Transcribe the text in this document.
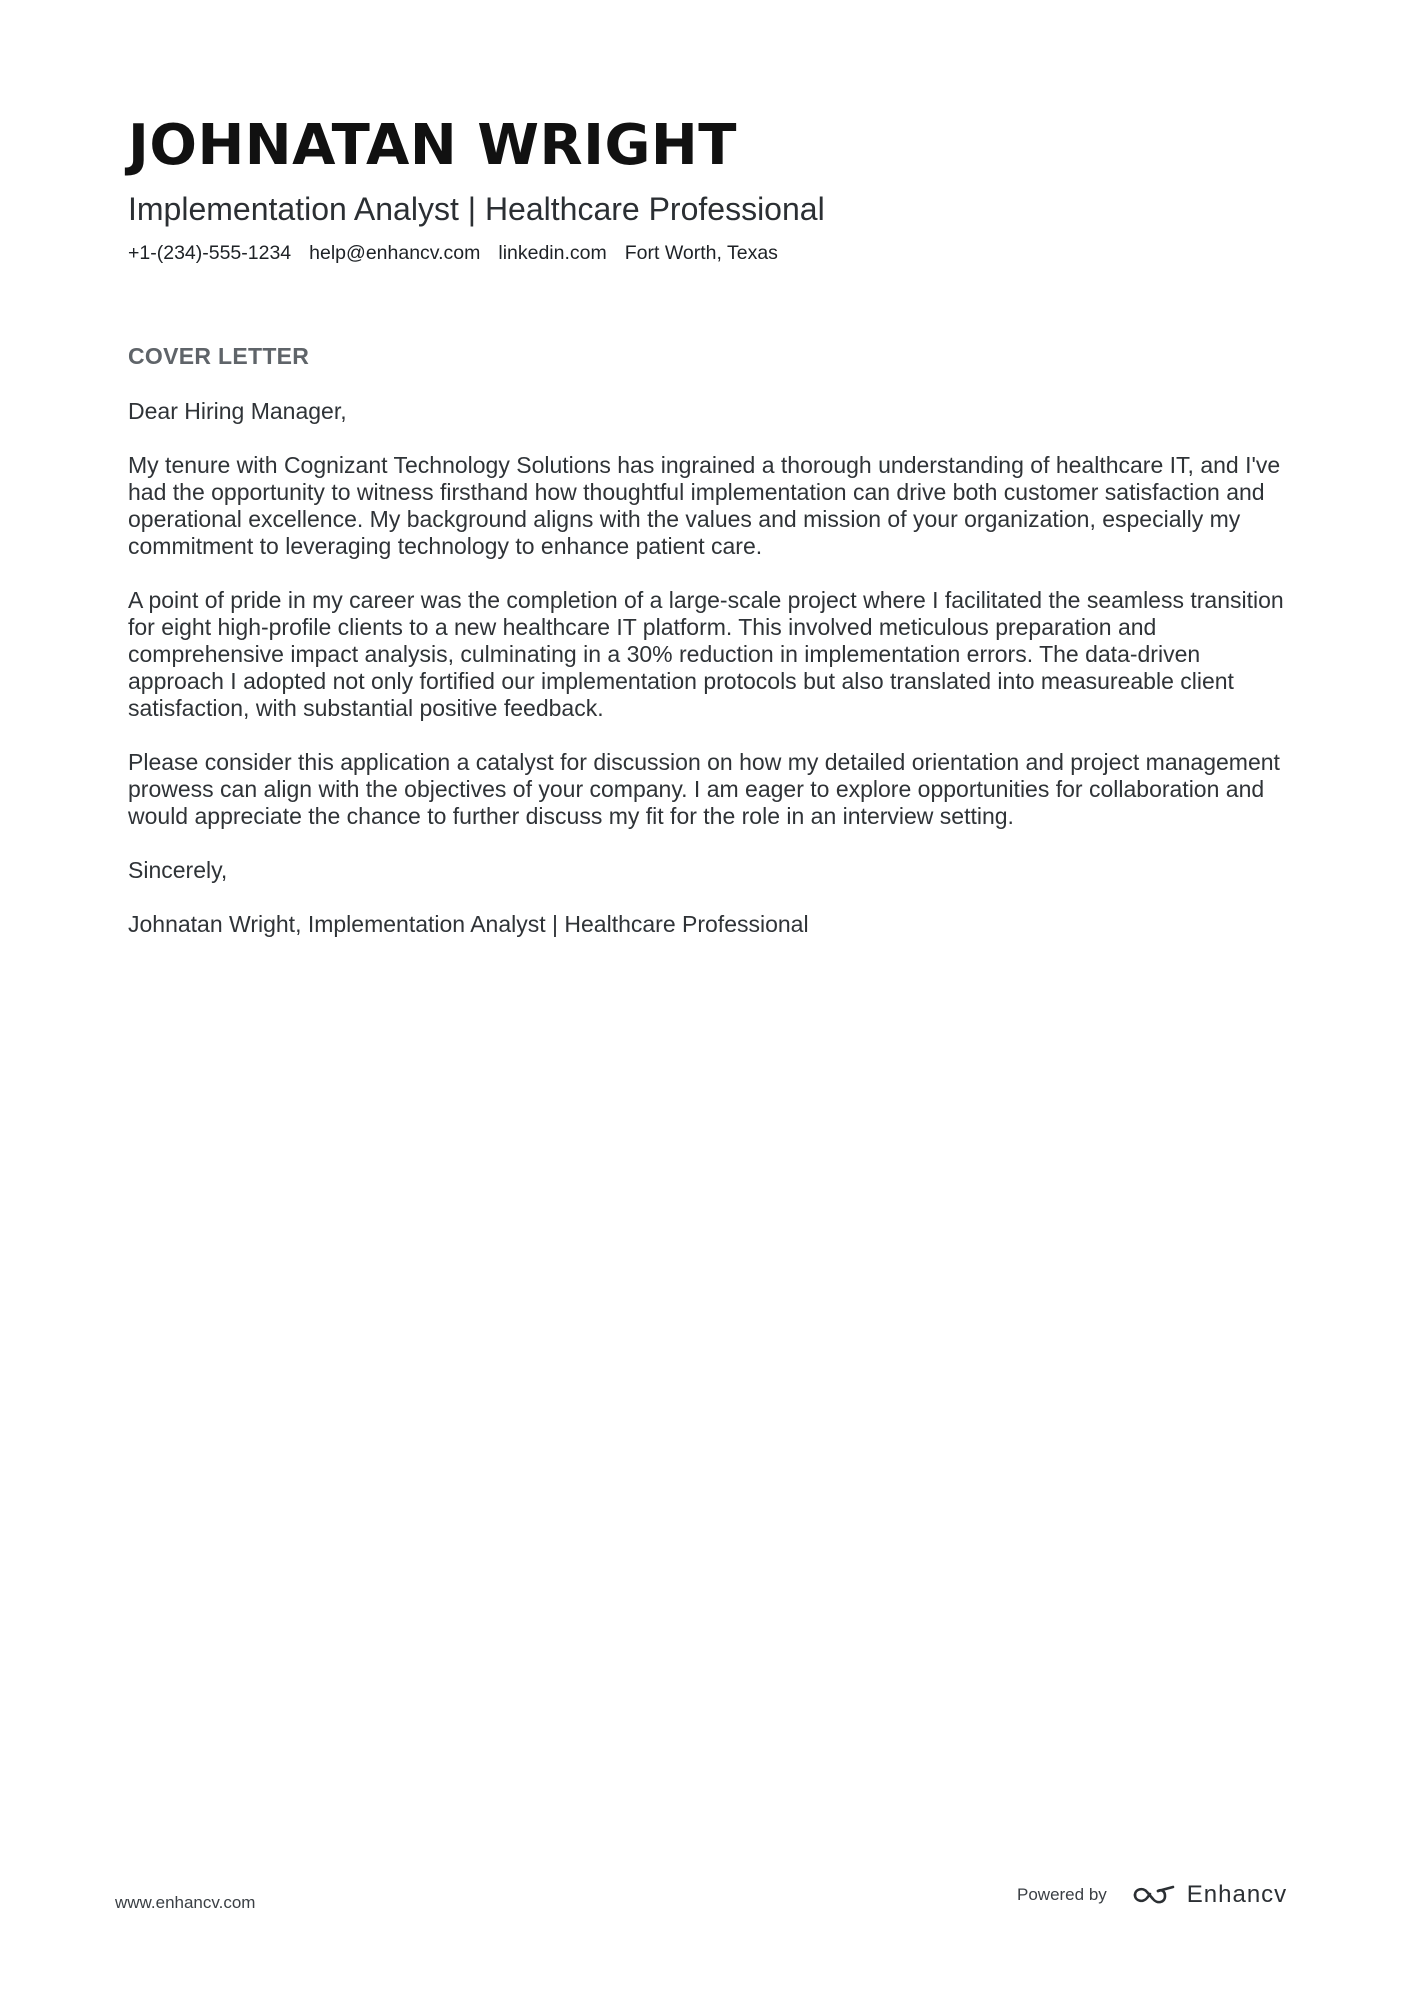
JOHNATAN WRIGHT
Implementation Analyst | Healthcare Professional
+1-(234)-555-1234 help@enhancv.com linkedin.com Fort Worth, Texas
COVER LETTER

Dear Hiring Manager,

My tenure with Cognizant Technology Solutions has ingrained a thorough understanding of healthcare IT, and I've had the opportunity to witness firsthand how thoughtful implementation can drive both customer satisfaction and operational excellence. My background aligns with the values and mission of your organization, especially my commitment to leveraging technology to enhance patient care.

A point of pride in my career was the completion of a large-scale project where I facilitated the seamless transition for eight high-profile clients to a new healthcare IT platform. This involved meticulous preparation and comprehensive impact analysis, culminating in a 30% reduction in implementation errors. The data-driven approach I adopted not only fortified our implementation protocols but also translated into measureable client satisfaction, with substantial positive feedback.

Please consider this application a catalyst for discussion on how my detailed orientation and project management prowess can align with the objectives of your company. I am eager to explore opportunities for collaboration and would appreciate the chance to further discuss my fit for the role in an interview setting.

Sincerely,

Johnatan Wright, Implementation Analyst | Healthcare Professional

www.enhancv.com	Powered by	Enhancv
